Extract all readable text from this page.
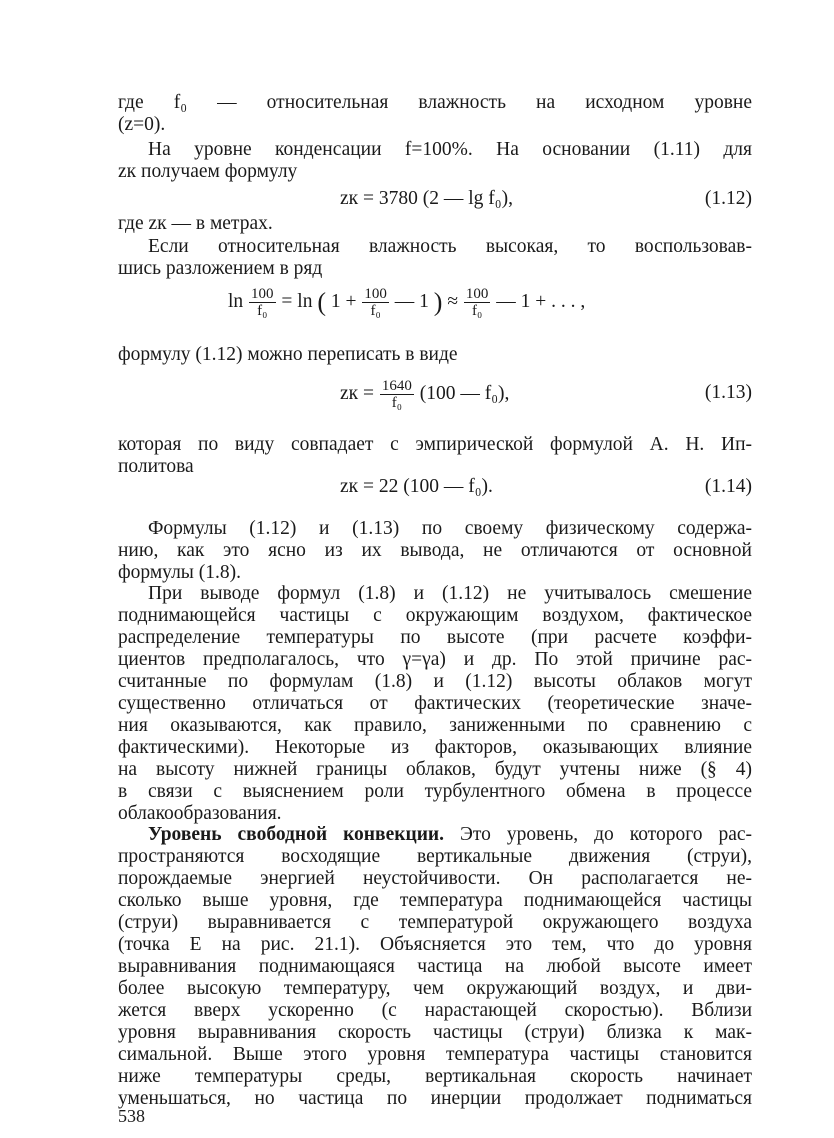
где f₀ — относительная влажность на исходном уровне
(z=0).
На уровне конденсации f=100%. На основании (1.11) для
zк получаем формулу
zк = 3780 (2 — lg f₀),	(1.12)
где zк — в метрах.
Если относительная влажность высокая, то воспользовав-
шись разложением в ряд
$\ln \frac{100}{\text{f₀}} = \ln$ ( $1 + \frac{100}{\text{f₀}}$ — 1 ) ≈ $\frac{100}{\text{f₀}}$ — 1 + . . . ,
формулу (1.12) можно переписать в виде
zк = $\frac{1640}{\text{f₀}} (100$ — f₀),	(1.13)
которая по виду совпадает с эмпирической формулой А. Н. Ип-
политова
zк = 22 (100 — f₀).	(1.14)
Формулы (1.12) и (1.13) по своему физическому содержа-
нию, как это ясно из их вывода, не отличаются от основной
формулы (1.8).
При выводе формул (1.8) и (1.12) не учитывалось смешение
поднимающейся частицы с окружающим воздухом, фактическое
распределение температуры по высоте (при расчете коэффи-
циентов предполагалось, что γ=γа) и др. По этой причине рас-
считанные по формулам (1.8) и (1.12) высоты облаков могут
существенно отличаться от фактических (теоретические значе-
ния оказываются, как правило, заниженными по сравнению с
фактическими). Некоторые из факторов, оказывающих влияние
на высоту нижней границы облаков, будут учтены ниже (§ 4)
в связи с выяснением роли турбулентного обмена в процессе
облакообразования.
Уровень свободной конвекции. Это уровень, до которого рас-
пространяются восходящие вертикальные движения (струи),
порождаемые энергией неустойчивости. Он располагается не-
сколько выше уровня, где температура поднимающейся частицы
(струи) выравнивается с температурой окружающего воздуха
(точка E на рис. 21.1). Объясняется это тем, что до уровня
выравнивания поднимающаяся частица на любой высоте имеет
более высокую температуру, чем окружающий воздух, и дви-
жется вверх ускоренно (с нарастающей скоростью). Вблизи
уровня выравнивания скорость частицы (струи) близка к мак-
симальной. Выше этого уровня температура частицы становится
ниже температуры среды, вертикальная скорость начинает
уменьшаться, но частица по инерции продолжает подниматься
538
